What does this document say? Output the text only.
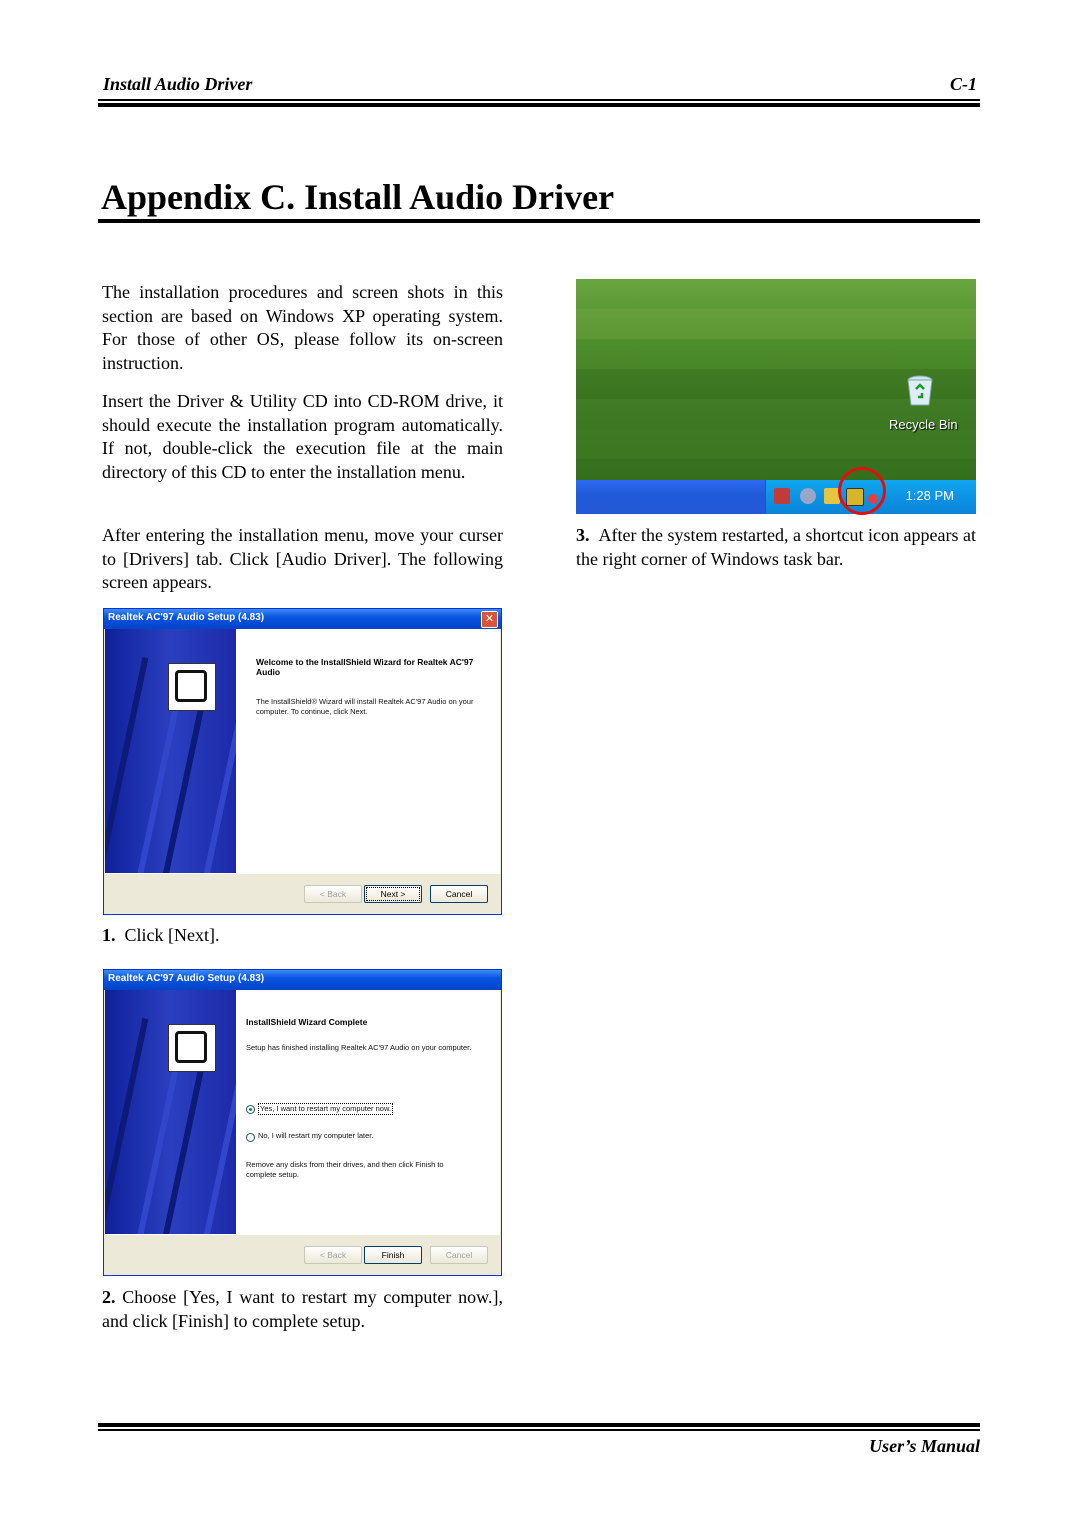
Install Audio Driver	C-1
Appendix C. Install Audio Driver
The installation procedures and screen shots in this section are based on Windows XP operating system. For those of other OS, please follow its on-screen instruction.
Insert the Driver & Utility CD into CD-ROM drive, it should execute the installation program automatically. If not, double-click the execution file at the main directory of this CD to enter the installation menu.
After entering the installation menu, move your curser to [Drivers] tab. Click [Audio Driver]. The following screen appears.
Realtek AC'97 Audio Setup (4.83)	✕
Welcome to the InstallShield Wizard for Realtek AC'97 Audio
The InstallShield® Wizard will install Realtek AC'97 Audio on your computer. To continue, click Next.
< Back	Next >	Cancel
1. Click [Next].
Realtek AC'97 Audio Setup (4.83)
InstallShield Wizard Complete
Setup has finished installing Realtek AC'97 Audio on your computer.
Yes, I want to restart my computer now.
No, I will restart my computer later.
Remove any disks from their drives, and then click Finish to complete setup.
< Back	Finish	Cancel
2. Choose [Yes, I want to restart my computer now.], and click [Finish] to complete setup.
Recycle Bin
1:28 PM
3. After the system restarted, a shortcut icon appears at the right corner of Windows task bar.
User’s Manual
